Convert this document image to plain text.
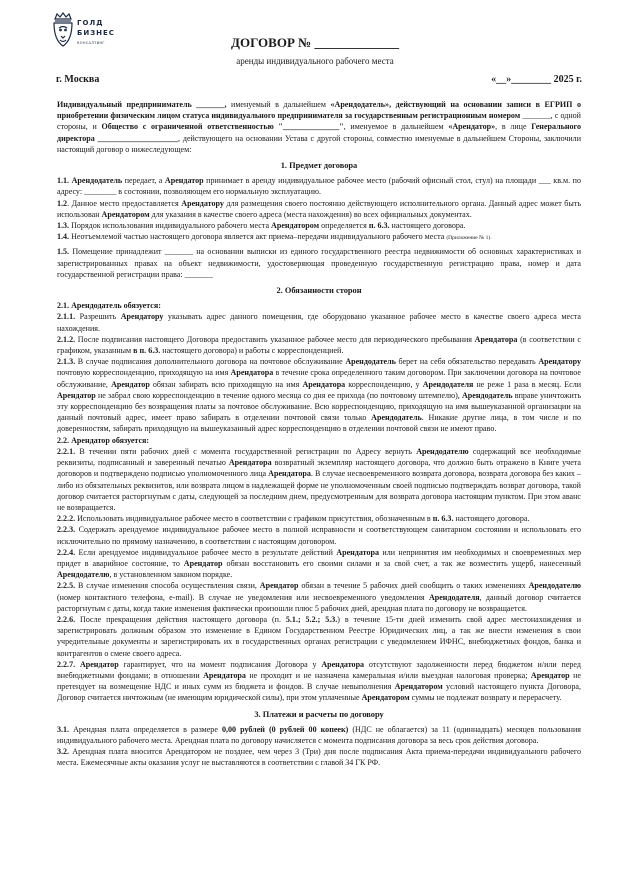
ГОЛД
БИЗНЕС
КОНСАЛТИНГ	ДОГОВОР № _____________
аренды индивидуального рабочего места
г. Москва	«__»________ 2025 г.

Индивидуальный предприниматель _______, именуемый в дальнейшем «Арендодатель», действующий на основании записи в ЕГРИП о приобретении физическим лицом статуса индивидуального предпринимателя за государственным регистрационным номером _______, с одной стороны, и Общество с ограниченной ответственностью "______________", именуемое в дальнейшем «Арендатор», в лице Генерального директора ____________________, действующего на основании Устава с другой стороны, совместно именуемые в дальнейшем Стороны, заключили настоящий договор о нижеследующем:

1. Предмет договора

1.1. Арендодатель передает, а Арендатор принимает в аренду индивидуальное рабочее место (рабочий офисный стол, стул) на площади ___ кв.м. по адресу: ________ в состоянии, позволяющем его нормальную эксплуатацию.

1.2. Данное место предоставляется Арендатору для размещения своего постоянно действующего исполнительного органа. Данный адрес может быть использован Арендатором для указания в качестве своего адреса (места нахождения) во всех официальных документах.

1.3. Порядок использования индивидуального рабочего места Арендатором определяется п. 6.3. настоящего договора.

1.4. Неотъемлемой частью настоящего договора является акт приема–передачи индивидуального рабочего места (Приложение № 1).

1.5. Помещение принадлежит _______ на основании выписки из единого государственного реестра недвижимости об основных характеристиках и зарегистрированных правах на объект недвижимости, удостоверяющая проведенную государственную регистрацию права, номер и дата государственной регистрации права: _______

2. Обязанности сторон

2.1. Арендодатель обязуется:

2.1.1. Разрешить Арендатору указывать адрес данного помещения, где оборудовано указанное рабочее место в качестве своего адреса места нахождения.

2.1.2. После подписания настоящего Договора предоставить указанное рабочее место для периодического пребывания Арендатора (в соответствии с графиком, указанным в п. 6.3. настоящего договора) и работы с корреспонденцией.

2.1.3. В случае подписания дополнительного договора на почтовое обслуживание Арендодатель берет на себя обязательство передавать Арендатору почтовую корреспонденцию, приходящую на имя Арендатора в течение срока определенного таким договором. При заключении договора на почтовое обслуживание, Арендатор обязан забирать всю приходящую на имя Арендатора корреспонденцию, у Арендодателя не реже 1 раза в месяц. Если Арендатор не забрал свою корреспонденцию в течение одного месяца со дня ее прихода (по почтовому штемпелю), Арендодатель вправе уничтожить эту корреспонденцию без возвращения платы за почтовое обслуживание. Всю корреспонденцию, приходящую на имя вышеуказанной организации на данный почтовый адрес, имеет право забирать в отделении почтовой связи только Арендодатель. Никакие другие лица, в том числе и по доверенностям, забирать приходящую на вышеуказанный адрес корреспонденцию в отделении почтовой связи не имеют право.

2.2. Арендатор обязуется:

2.2.1. В течении пяти рабочих дней с момента государственной регистрации по Адресу вернуть Арендодателю содержащий все необходимые реквизиты, подписанный и заверенный печатью Арендатора возвратный экземпляр настоящего договора, что должно быть отражено в Книге учета договоров и подтверждено подписью уполномоченного лица Арендатора. В случае несвоевременного возврата договора, возврата договора без каких – либо из обязательных реквизитов, или возврата лицом в надлежащей форме не уполномоченным своей подписью подтверждать возврат договора, такой договор считается расторгнутым с даты, следующей за последним днем, предусмотренным для возврата договора настоящим пунктом. При этом аванс не возвращается.

2.2.2. Использовать индивидуальное рабочее место в соответствии с графиком присутствия, обозначенным в п. 6.3. настоящего договора.

2.2.3. Содержать арендуемое индивидуальное рабочее место в полной исправности и соответствующем санитарном состоянии и использовать его исключительно по прямому назначению, в соответствии с настоящим договором.

2.2.4. Если арендуемое индивидуальное рабочее место в результате действий Арендатора или непринятия им необходимых и своевременных мер придет в аварийное состояние, то Арендатор обязан восстановить его своими силами и за свой счет, а так же возместить ущерб, нанесенный Арендодателю, в установленном законом порядке.

2.2.5. В случае изменения способа осуществления связи, Арендатор обязан в течение 5 рабочих дней сообщить о таких изменениях Арендодателю (номер контактного телефона, e-mail). В случае не уведомления или несвоевременного уведомления Арендодателя, данный договор считается расторгнутым с даты, когда такие изменения фактически произошли плюс 5 рабочих дней, арендная плата по договору не возвращается.

2.2.6. После прекращения действия настоящего договора (п. 5.1.; 5.2.; 5.3.) в течение 15-ти дней изменить свой адрес местонахождения и зарегистрировать должным образом это изменение в Едином Государственном Реестре Юридических лиц, а так же внести изменения в свои учредительные документы и зарегистрировать их в государственных органах регистрации с уведомлением ИФНС, внебюджетных фондов, банка и контрагентов о смене своего адреса.

2.2.7. Арендатор гарантирует, что на момент подписания Договора у Арендатора отсутствуют задолженности перед бюджетом и/или перед внебюджетными фондами; в отношении Арендатора не проходит и не назначена камеральная и/или выездная налоговая проверка; Арендатор не претендует на возмещение НДС и иных сумм из бюджета и фондов. В случае невыполнения Арендатором условий настоящего пункта Договора, Договор считается ничтожным (не имеющим юридической силы), при этом уплаченные Арендатором суммы не подлежат возврату и перерасчету.

3. Платежи и расчеты по договору

3.1. Арендная плата определяется в размере 0,00 рублей (0 рублей 00 копеек) (НДС не облагается) за 11 (одиннадцать) месяцев пользования индивидуального рабочего места. Арендная плата по договору начисляется с момента подписания договора за весь срок действия договора.

3.2. Арендная плата вносится Арендатором не позднее, чем через 3 (Три) дня после подписания Акта приема-передачи индивидуального рабочего места. Ежемесячные акты оказания услуг не выставляются в соответствии с главой 34 ГК РФ.
